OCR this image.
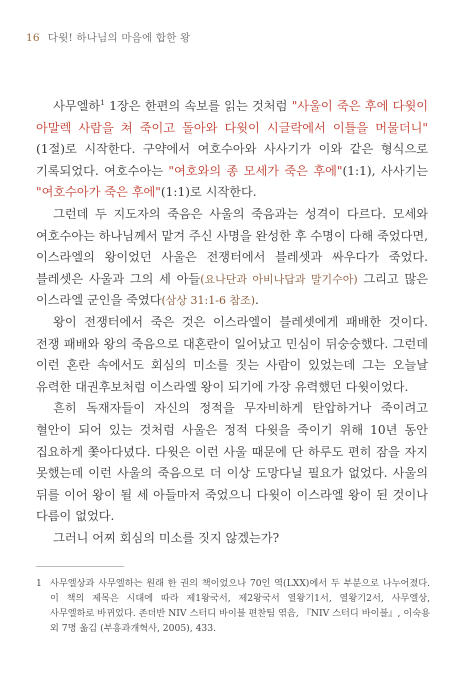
16 다윗! 하나님의 마음에 합한 왕

사무엘하$^1$ 1장은 한편의 속보를 읽는 것처럼 "사울이 죽은 후에 다윗이 아말렉 사람을 쳐 죽이고 돌아와 다윗이 시글락에서 이틀을 머물더니"(1절)로 시작한다. 구약에서 여호수아와 사사기가 이와 같은 형식으로 기록되었다. 여호수아는 "여호와의 종 모세가 죽은 후에"(1:1), 사사기는 "여호수아가 죽은 후에"(1:1)로 시작한다.

그런데 두 지도자의 죽음은 사울의 죽음과는 성격이 다르다. 모세와 여호수아는 하나님께서 맡겨 주신 사명을 완성한 후 수명이 다해 죽었다면, 이스라엘의 왕이었던 사울은 전쟁터에서 블레셋과 싸우다가 죽었다. 블레셋은 사울과 그의 세 아들(요나단과 아비나답과 말기수아) 그리고 많은 이스라엘 군인을 죽였다(삼상 31:1-6 참조).

왕이 전쟁터에서 죽은 것은 이스라엘이 블레셋에게 패배한 것이다. 전쟁 패배와 왕의 죽음으로 대혼란이 일어났고 민심이 뒤숭숭했다. 그런데 이런 혼란 속에서도 회심의 미소를 짓는 사람이 있었는데 그는 오늘날 유력한 대권후보처럼 이스라엘 왕이 되기에 가장 유력했던 다윗이었다.

흔히 독재자들이 자신의 정적을 무자비하게 탄압하거나 죽이려고 혈안이 되어 있는 것처럼 사울은 정적 다윗을 죽이기 위해 10년 동안 집요하게 쫓아다녔다. 다윗은 이런 사울 때문에 단 하루도 편히 잠을 자지 못했는데 이런 사울의 죽음으로 더 이상 도망다닐 필요가 없었다. 사울의 뒤를 이어 왕이 될 세 아들마저 죽었으니 다윗이 이스라엘 왕이 된 것이나 다름이 없었다.

그러니 어찌 회심의 미소를 짓지 않겠는가?

1 사무엘상과 사무엘하는 원래 한 권의 책이었으나 70인 역(LXX)에서 두 부분으로 나누어졌다. 이 책의 제목은 시대에 따라 제1왕국서, 제2왕국서 열왕기1서, 열왕기2서, 사무엘상, 사무엘하로 바뀌었다. 존더반 NIV 스터디 바이블 편찬팀 엮음, 『NIV 스터디 바이블』, 이숙용 외 7명 옮김 (부흥과개혁사, 2005), 433.
